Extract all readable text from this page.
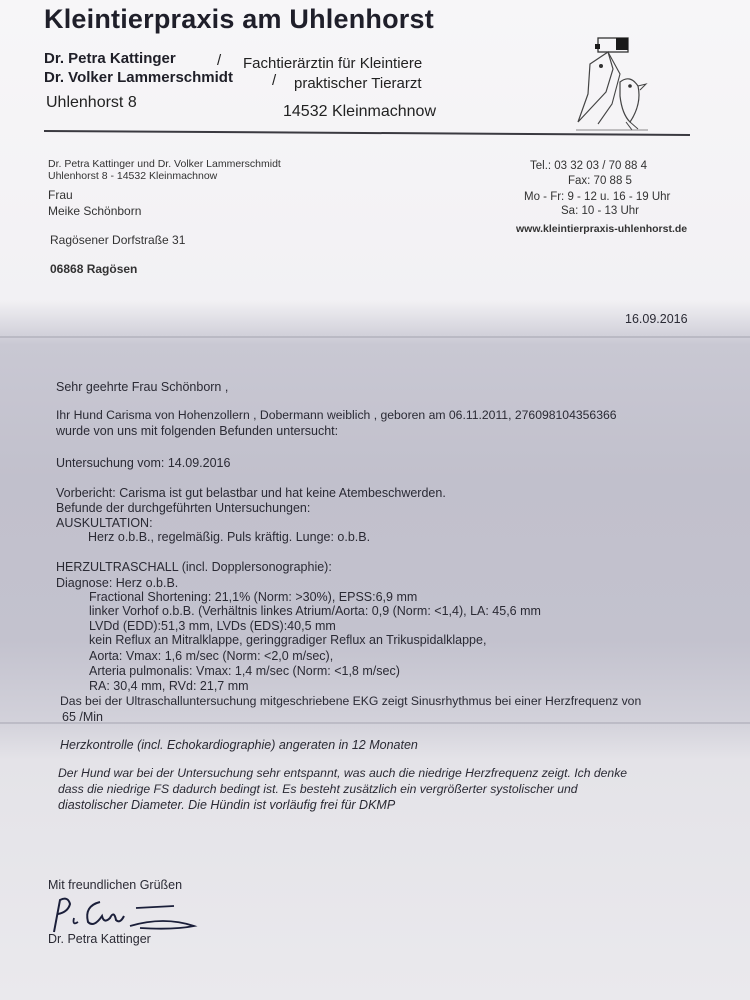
Kleintierpraxis am Uhlenhorst
Dr. Petra Kattinger	/ Fachtierärztin für Kleintiere
Dr. Volker Lammerschmidt	/ praktischer Tierarzt
Uhlenhorst 8
14532 Kleinmachnow
Dr. Petra Kattinger und Dr. Volker Lammerschmidt
Uhlenhorst 8 - 14532 Kleinmachnow
Frau
Meike Schönborn
Ragösener Dorfstraße 31
06868 Ragösen
Tel.: 03 32 03 / 70 88 4
Fax: 70 88 5
Mo - Fr: 9 - 12 u. 16 - 19 Uhr
Sa: 10 - 13 Uhr
www.kleintierpraxis-uhlenhorst.de
16.09.2016
Sehr geehrte Frau Schönborn ,
Ihr Hund Carisma von Hohenzollern , Dobermann weiblich , geboren am 06.11.2011, 276098104356366
wurde von uns mit folgenden Befunden untersucht:
Untersuchung vom: 14.09.2016
Vorbericht: Carisma ist gut belastbar und hat keine Atembeschwerden.
Befunde der durchgeführten Untersuchungen:
AUSKULTATION:
Herz o.b.B., regelmäßig. Puls kräftig. Lunge: o.b.B.
HERZULTRASCHALL (incl. Dopplersonographie):
Diagnose: Herz o.b.B.
Fractional Shortening: 21,1% (Norm: >30%), EPSS:6,9 mm
linker Vorhof o.b.B. (Verhältnis linkes Atrium/Aorta: 0,9 (Norm: <1,4), LA: 45,6 mm
LVDd (EDD):51,3 mm, LVDs (EDS):40,5 mm
kein Reflux an Mitralklappe, geringgradiger Reflux an Trikuspidalklappe,
Aorta: Vmax: 1,6 m/sec (Norm: <2,0 m/sec),
Arteria pulmonalis: Vmax: 1,4 m/sec (Norm: <1,8 m/sec)
RA: 30,4 mm, RVd: 21,7 mm
Das bei der Ultraschalluntersuchung mitgeschriebene EKG zeigt Sinusrhythmus bei einer Herzfrequenz von
65 /Min
Herzkontrolle (incl. Echokardiographie) angeraten in 12 Monaten
Der Hund war bei der Untersuchung sehr entspannt, was auch die niedrige Herzfrequenz zeigt. Ich denke
dass die niedrige FS dadurch bedingt ist. Es besteht zusätzlich ein vergrößerter systolischer und
diastolischer Diameter. Die Hündin ist vorläufig frei für DKMP
Mit freundlichen Grüßen
Dr. Petra Kattinger
